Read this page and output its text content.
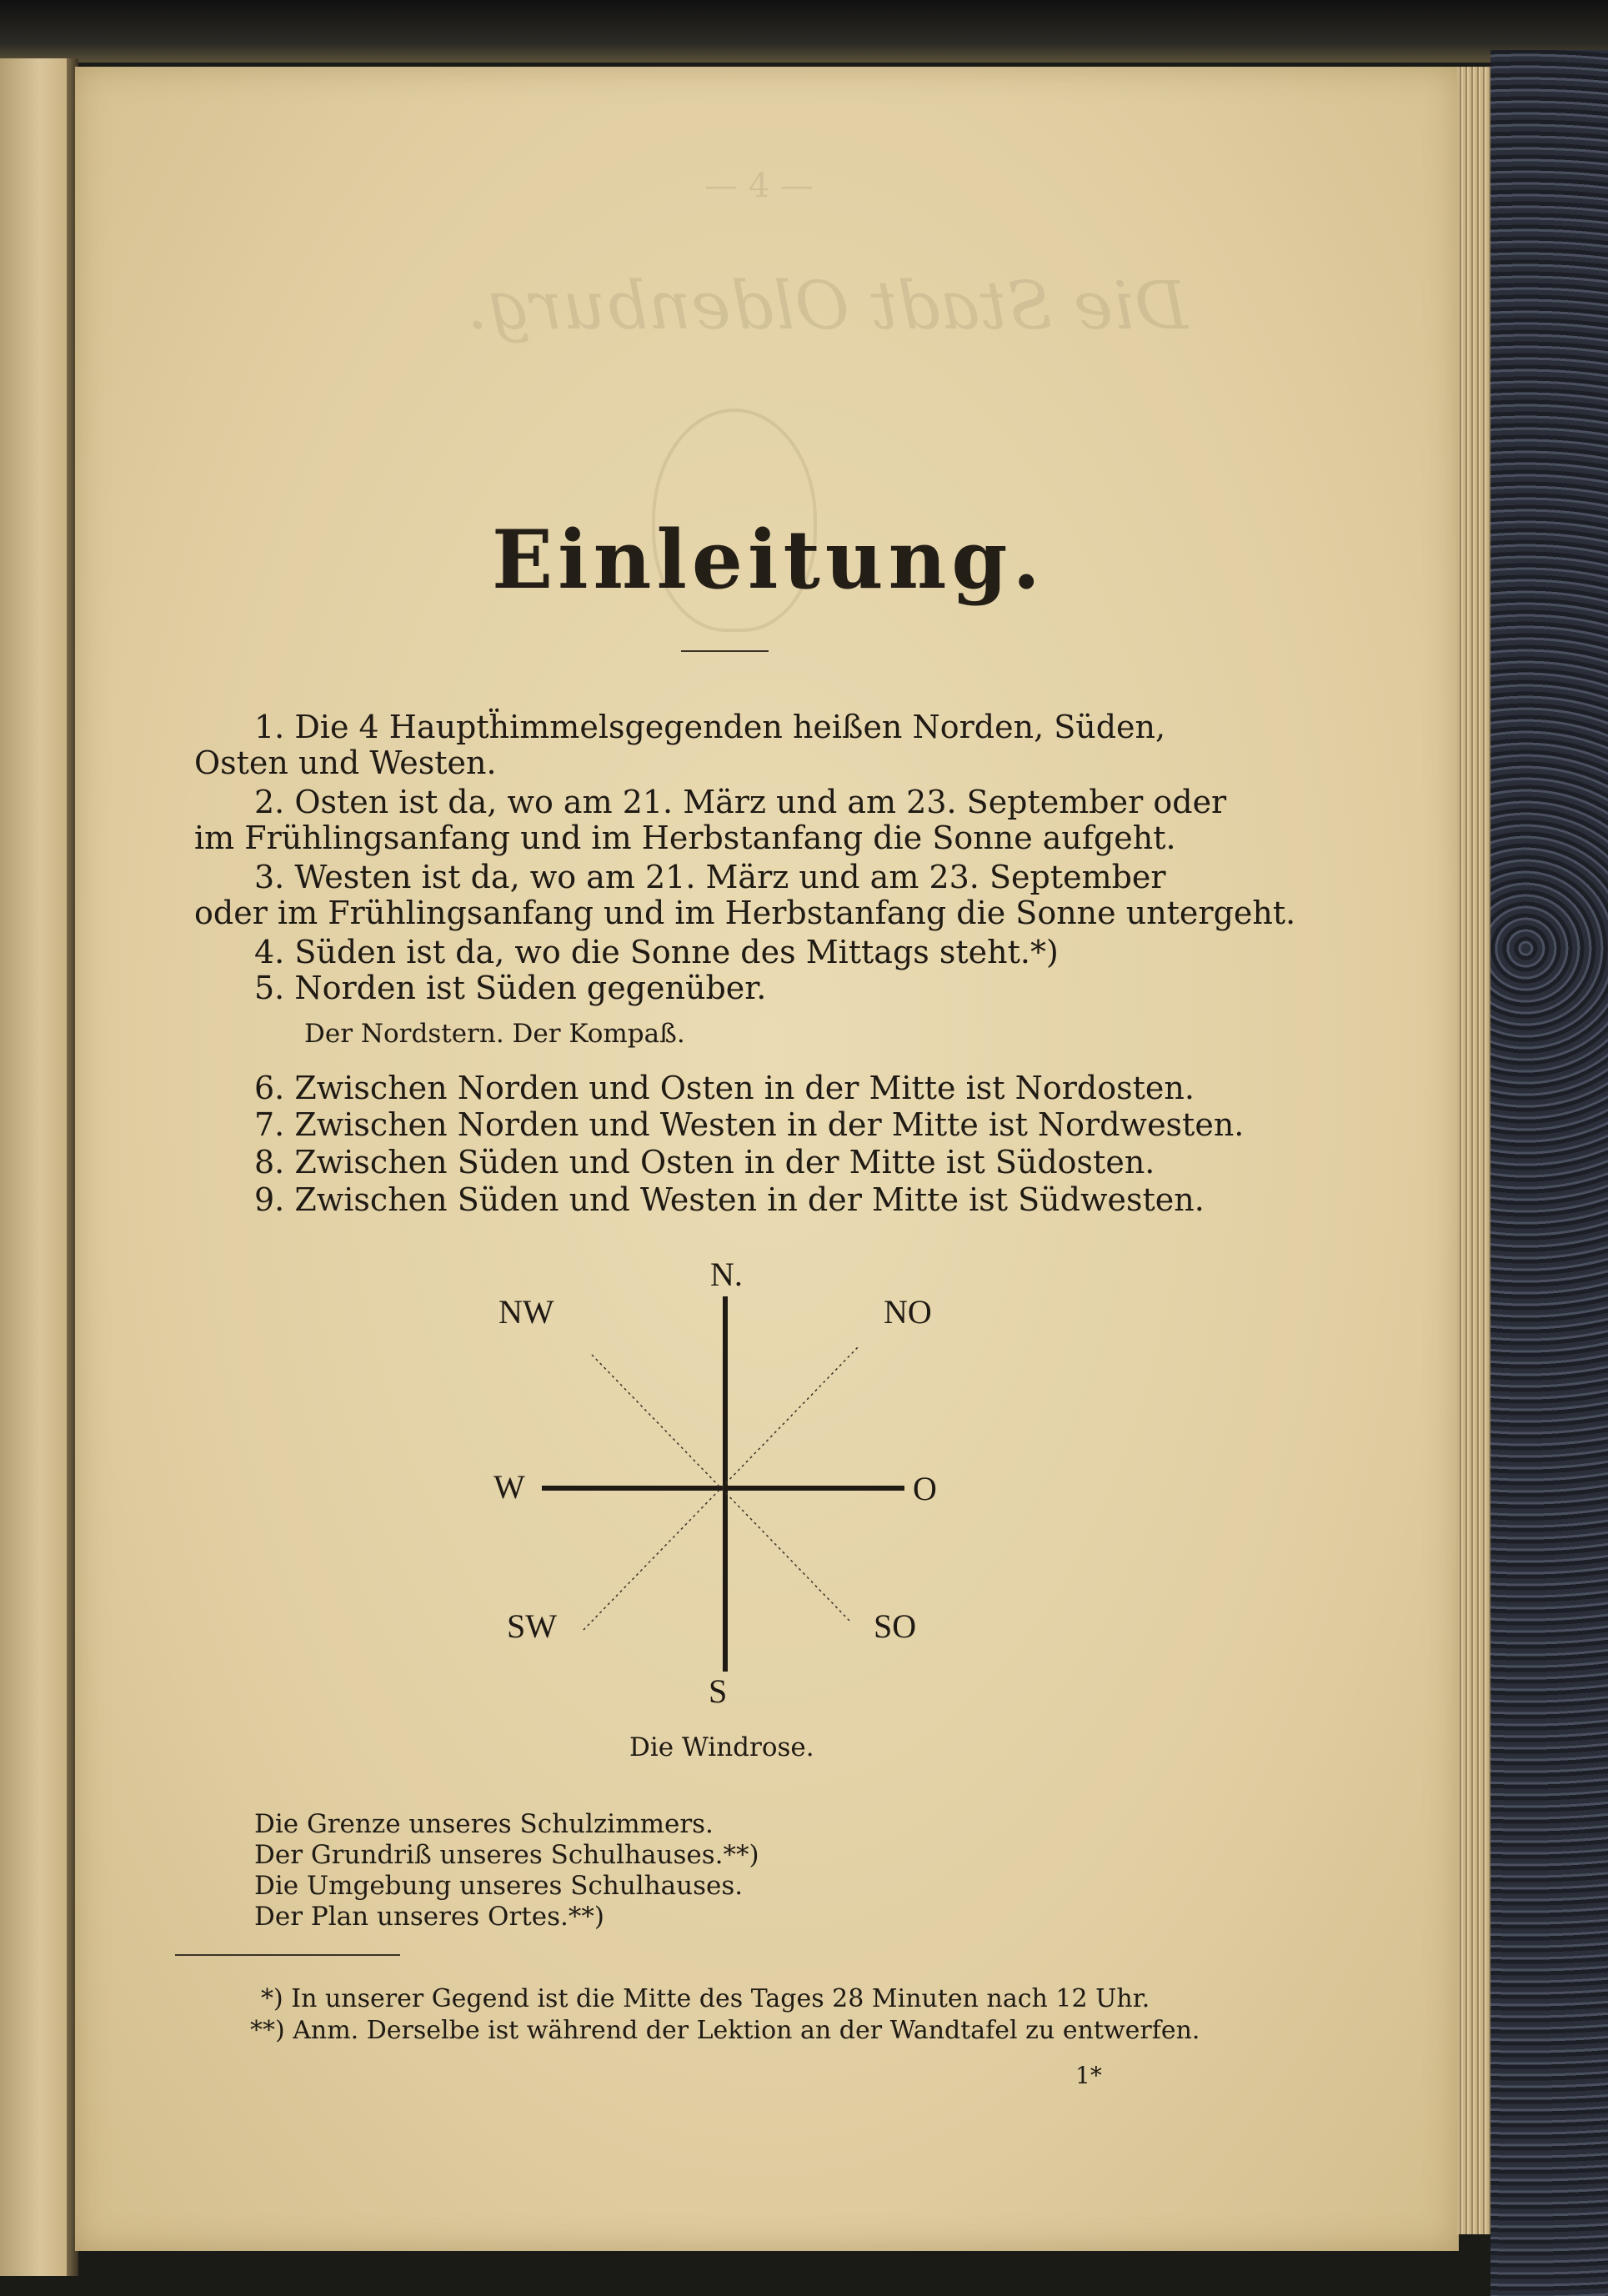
— 4 —
Die Stadt Oldenburg.
Einleitung.
1. Die 4 Hauptḧimmelsgegenden heißen Norden, Süden,
Osten und Westen.
2. Osten ist da, wo am 21. März und am 23. September oder
im Frühlingsanfang und im Herbstanfang die Sonne aufgeht.
3. Westen ist da, wo am 21. März und am 23. September
oder im Frühlingsanfang und im Herbstanfang die Sonne untergeht.
4. Süden ist da, wo die Sonne des Mittags steht.*)
5. Norden ist Süden gegenüber.
Der Nordstern. Der Kompaß.
6. Zwischen Norden und Osten in der Mitte ist Nordosten.
7. Zwischen Norden und Westen in der Mitte ist Nordwesten.
8. Zwischen Süden und Osten in der Mitte ist Südosten.
9. Zwischen Süden und Westen in der Mitte ist Südwesten.
N.
S
W	O
NW	NO
SW	SO
Die Windrose.
Die Grenze unseres Schulzimmers.
Der Grundriß unseres Schulhauses.**)
Die Umgebung unseres Schulhauses.
Der Plan unseres Ortes.**)
*) In unserer Gegend ist die Mitte des Tages 28 Minuten nach 12 Uhr.
**) Anm. Derselbe ist während der Lektion an der Wandtafel zu entwerfen.
1*
